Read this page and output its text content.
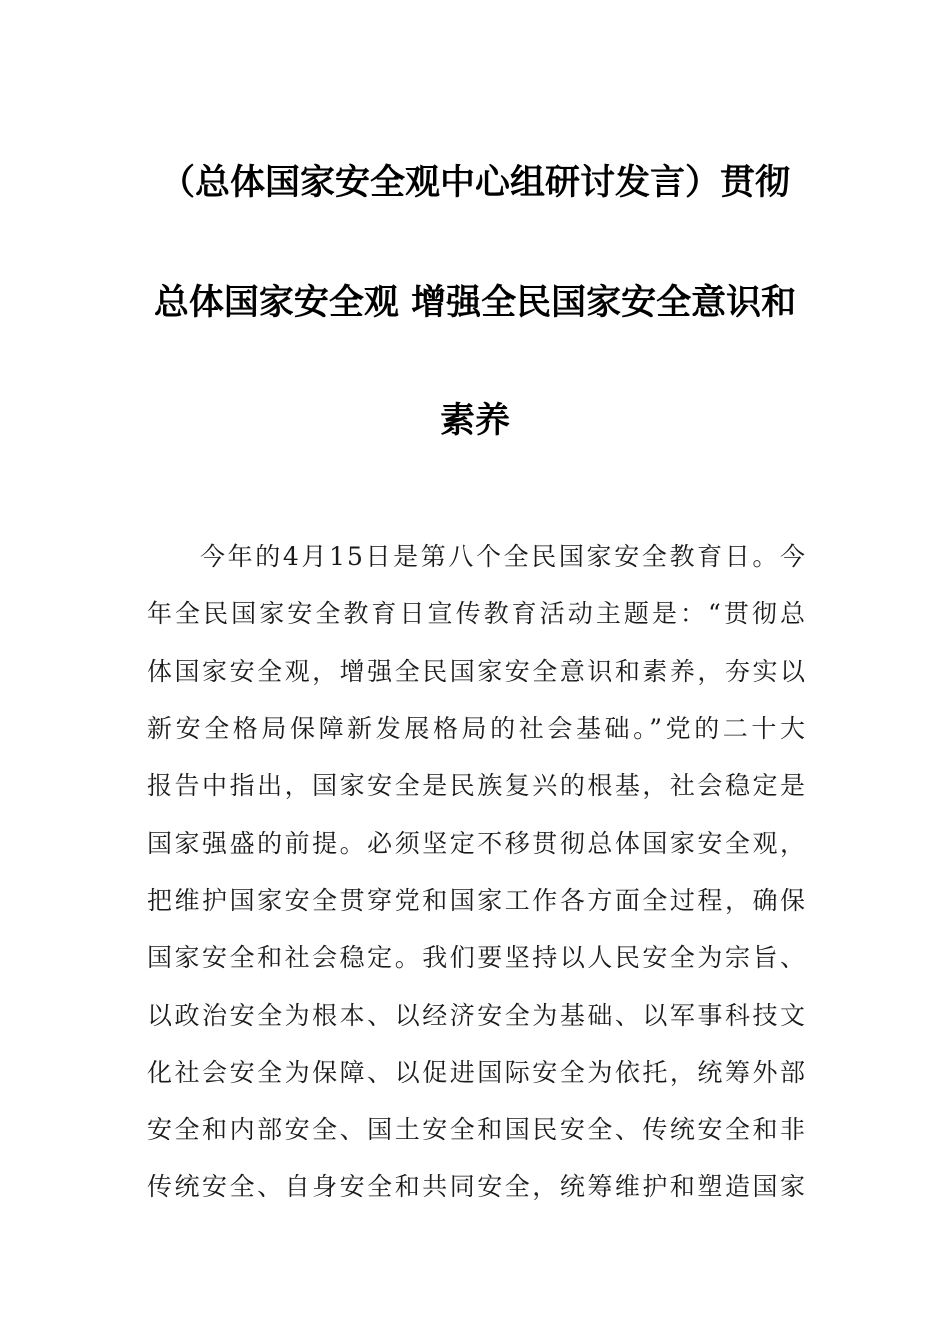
（总体国家安全观中心组研讨发言）贯彻
总体国家安全观 增强全民国家安全意识和
素养
今年的4月15日是第八个全民国家安全教育日。今
年全民国家安全教育日宣传教育活动主题是：“贯彻总
体国家安全观，增强全民国家安全意识和素养，夯实以
新安全格局保障新发展格局的社会基础。”党的二十大
报告中指出，国家安全是民族复兴的根基，社会稳定是
国家强盛的前提。必须坚定不移贯彻总体国家安全观，
把维护国家安全贯穿党和国家工作各方面全过程，确保
国家安全和社会稳定。我们要坚持以人民安全为宗旨、
以政治安全为根本、以经济安全为基础、以军事科技文
化社会安全为保障、以促进国际安全为依托，统筹外部
安全和内部安全、国土安全和国民安全、传统安全和非
传统安全、自身安全和共同安全，统筹维护和塑造国家
